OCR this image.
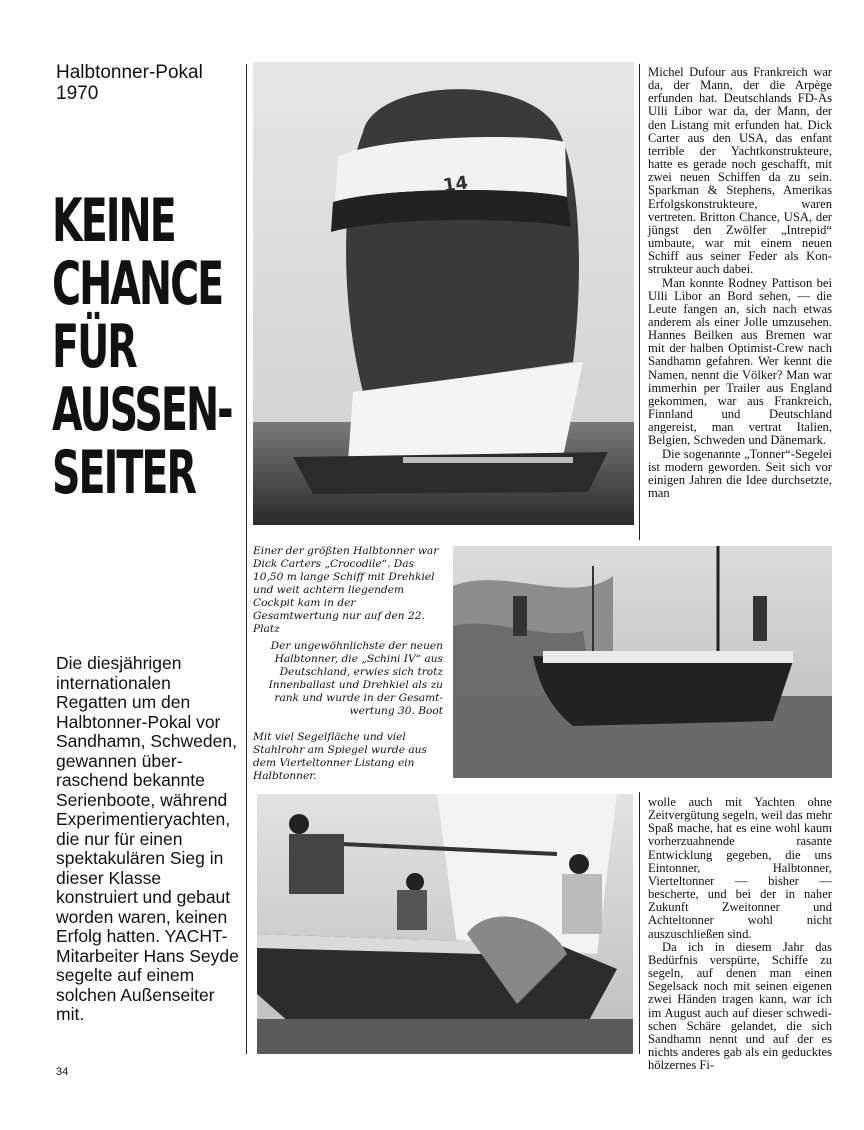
Halbtonner-Pokal
1970
KEINE
CHANCE
FÜR
AUSSEN-
SEITER
Die diesjährigen internationalen Regatten um den Halbtonner-Pokal vor Sandhamn, Schweden, gewannen überraschend bekannte Serienboote, während Experimentieryachten, die nur für einen spektakulären Sieg in dieser Klasse konstruiert und gebaut worden waren, keinen Erfolg hatten. YACHT-Mitarbeiter Hans Seyde segelte auf einem solchen Außenseiter mit.
14

Michel Dufour aus Frankreich war da, der Mann, der die Arpège erfunden hat. Deutschlands FD-As Ulli Libor war da, der Mann, der den Listang mit erfunden hat. Dick Carter aus den USA, das enfant terrible der Yachtkonstrukteure, hatte es gerade noch geschafft, mit zwei neuen Schiffen da zu sein. Sparkman & Stephens, Amerikas Erfolgskonstrukteure, waren vertreten. Britton Chance, USA, der jüngst den Zwölfer „Intrepid“ umbaute, war mit einem neuen Schiff aus seiner Feder als Konstrukteur auch dabei.

Man konnte Rodney Pattison bei Ulli Libor an Bord sehen, — die Leute fangen an, sich nach etwas anderem als einer Jolle umzusehen. Hannes Beilken aus Bremen war mit der halben Optimist-Crew nach Sandhamn gefahren. Wer kennt die Namen, nennt die Völker? Man war immerhin per Trailer aus England gekommen, war aus Frankreich, Finnland und Deutschland angereist, man vertrat Italien, Belgien, Schweden und Dänemark.

Die sogenannte „Tonner“-Segelei ist modern geworden. Seit sich vor einigen Jahren die Idee durchsetzte, man

Einer der größten Halbtonner war Dick Carters „Crocodile“. Das 10,50 m lange Schiff mit Drehkiel und weit achtern liegendem Cockpit kam in der Gesamtwertung nur auf den 22. Platz
Der ungewöhnlichste der neuen Halbtonner, die „Schini IV“ aus Deutschland, erwies sich trotz Innenballast und Drehkiel als zu rank und wurde in der Gesamtwertung 30. Boot
Mit viel Segelfläche und viel Stahlrohr am Spiegel wurde aus dem Vierteltonner Listang ein Halbtonner.

wolle auch mit Yachten ohne Zeitvergütung segeln, weil das mehr Spaß mache, hat es eine wohl kaum vorherzuahnende rasante Entwicklung gegeben, die uns Eintonner, Halbtonner, Vierteltonner — bisher — bescherte, und bei der in naher Zukunft Zweitonner und Achteltonner wohl nicht auszuschließen sind.

Da ich in diesem Jahr das Bedürfnis verspürte, Schiffe zu segeln, auf denen man einen Segelsack noch mit seinen eigenen zwei Händen tragen kann, war ich im August auch auf dieser schwedischen Schäre gelandet, die sich Sandhamn nennt und auf der es nichts anderes gab als ein geducktes hölzernes Fi-

34
